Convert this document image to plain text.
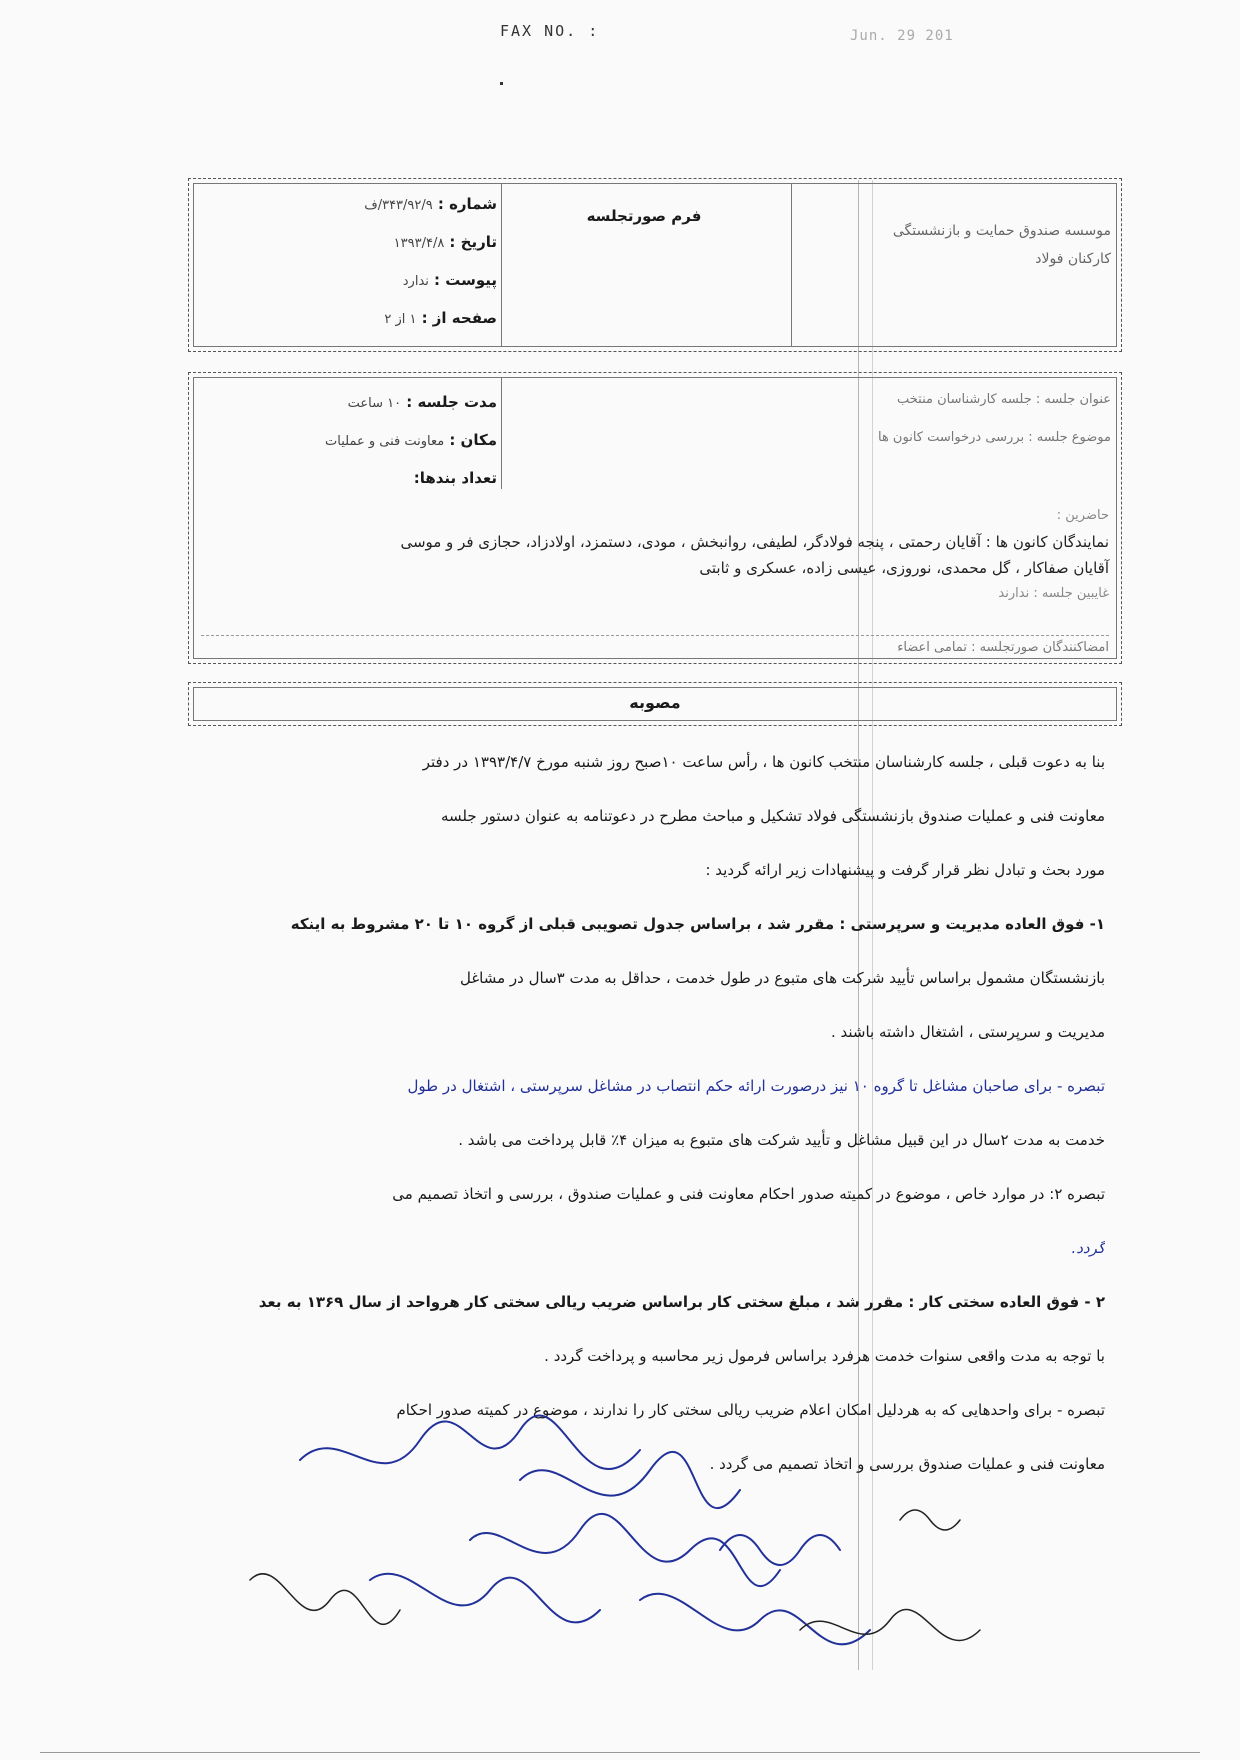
FAX NO. :	Jun. 29 201
شماره : ۳۴۳/۹۲/۹/ف
تاریخ : ۱۳۹۳/۴/۸
پیوست : ندارد
صفحه از : ۱ از ۲
فرم صورتجلسه
موسسه صندوق حمایت و بازنشستگی
کارکنان فولاد
مدت جلسه : ۱۰ ساعت
مکان : معاونت فنی و عملیات
تعداد بندها:
عنوان جلسه : جلسه کارشناسان منتخب
موضوع جلسه : بررسی درخواست کانون ها
حاضرین :
نمایندگان کانون ها : آقایان رحمتی ، پنجه فولادگر، لطیفی، روانبخش ، مودی، دستمزد، اولادزاد، حجازی فر و موسی
آقایان صفاکار ، گل محمدی، نوروزی، عیسی زاده، عسکری و ثابتی
غایبین جلسه : ندارند
امضاکنندگان صورتجلسه : تمامی اعضاء
مصوبه
بنا به دعوت قبلی ، جلسه کارشناسان منتخب کانون ها ، رأس ساعت ۱۰صبح روز شنبه مورخ ۱۳۹۳/۴/۷ در دفتر
معاونت فنی و عملیات صندوق بازنشستگی فولاد تشکیل و مباحث مطرح در دعوتنامه به عنوان دستور جلسه
مورد بحث و تبادل نظر قرار گرفت و پیشنهادات زیر ارائه گردید :
۱- فوق العاده مدیریت و سرپرستی : مقرر شد ، براساس جدول تصویبی قبلی از گروه ۱۰ تا ۲۰ مشروط به اینکه
بازنشستگان مشمول براساس تأیید شرکت های متبوع در طول خدمت ، حداقل به مدت ۳سال در مشاغل
مدیریت و سرپرستی ، اشتغال داشته باشند .
تبصره - برای صاحبان مشاغل تا گروه ۱۰ نیز درصورت ارائه حکم انتصاب در مشاغل سرپرستی ، اشتغال در طول
خدمت به مدت ۲سال در این قبیل مشاغل و تأیید شرکت های متبوع به میزان ۴٪ قابل پرداخت می باشد .
تبصره ۲: در موارد خاص ، موضوع در کمیته صدور احکام معاونت فنی و عملیات صندوق ، بررسی و اتخاذ تصمیم می
گردد.
۲ - فوق العاده سختی کار : مقرر شد ، مبلغ سختی کار براساس ضریب ریالی سختی کار هرواحد از سال ۱۳۶۹ به بعد
با توجه به مدت واقعی سنوات خدمت هرفرد براساس فرمول زیر محاسبه و پرداخت گردد .
تبصره - برای واحدهایی که به هردلیل امکان اعلام ضریب ریالی سختی کار را ندارند ، موضوع در کمیته صدور احکام
معاونت فنی و عملیات صندوق بررسی و اتخاذ تصمیم می گردد .
